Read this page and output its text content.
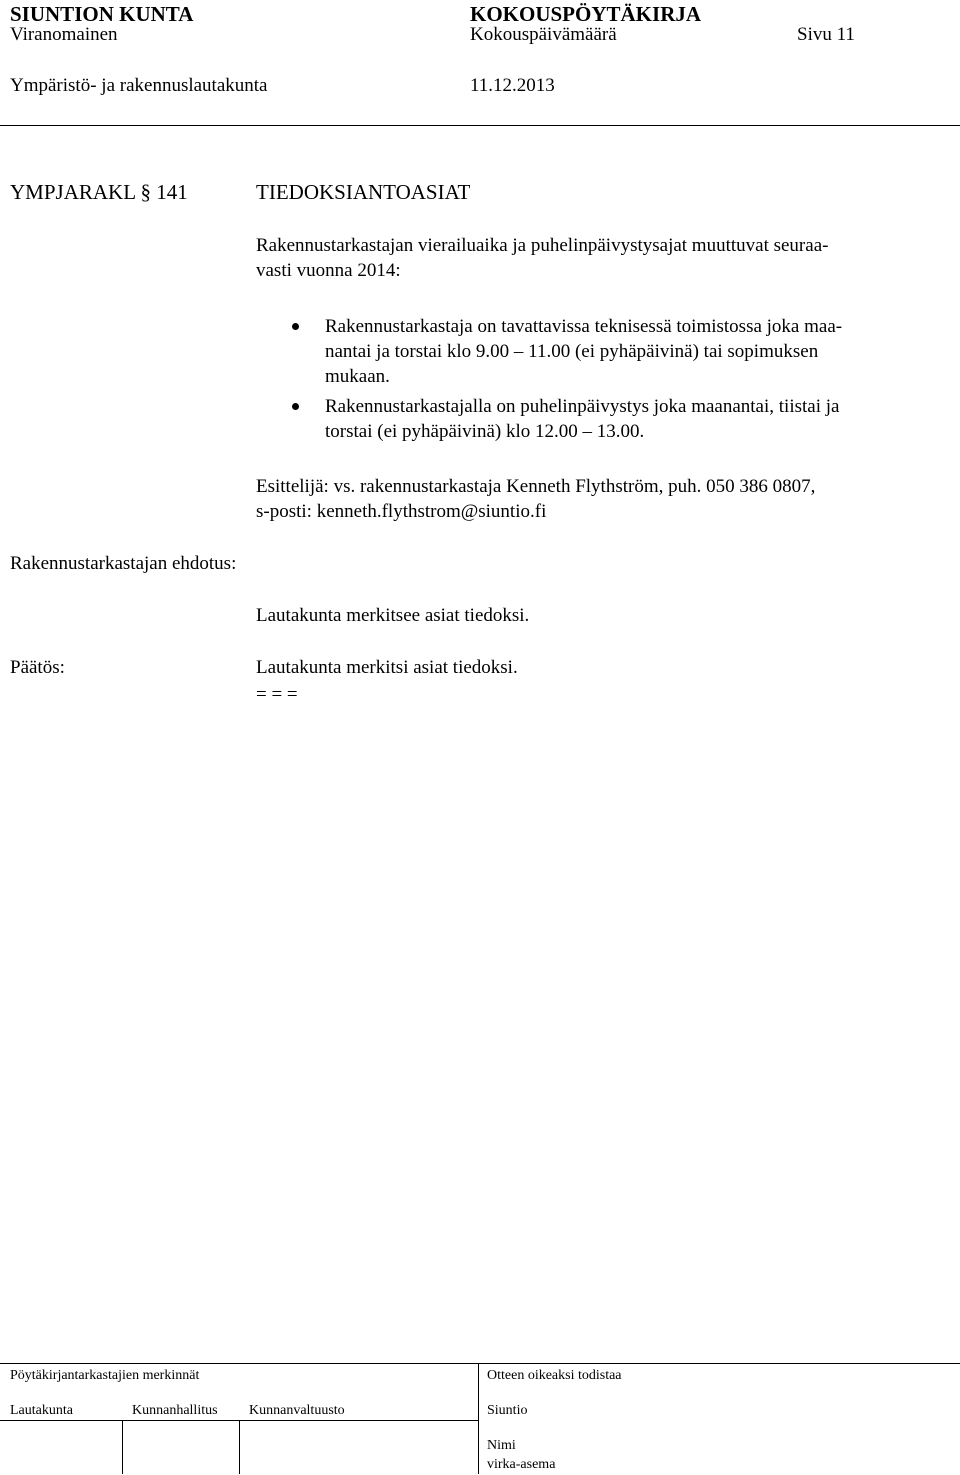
SIUNTION KUNTA	KOKOUSPÖYTÄKIRJA
Viranomainen	Kokouspäivämäärä	Sivu 11
Ympäristö- ja rakennuslautakunta	11.12.2013
YMPJARAKL § 141	TIEDOKSIANTOASIAT
Rakennustarkastajan vierailuaika ja puhelinpäivystysajat muuttuvat seuraa-
vasti vuonna 2014:
Rakennustarkastaja on tavattavissa teknisessä toimistossa joka maa-
nantai ja torstai klo 9.00 – 11.00 (ei pyhäpäivinä) tai sopimuksen
mukaan.
Rakennustarkastajalla on puhelinpäivystys joka maanantai, tiistai ja
torstai (ei pyhäpäivinä) klo 12.00 – 13.00.
Esittelijä: vs. rakennustarkastaja Kenneth Flythström, puh. 050 386 0807,
s-posti: kenneth.flythstrom@siuntio.fi
Rakennustarkastajan ehdotus:
Lautakunta merkitsee asiat tiedoksi.
Päätös:	Lautakunta merkitsi asiat tiedoksi.
= = =
Pöytäkirjantarkastajien merkinnät	Otteen oikeaksi todistaa
Lautakunta	Kunnanhallitus Kunnanvaltuusto	Siuntio
Nimi
virka-asema
